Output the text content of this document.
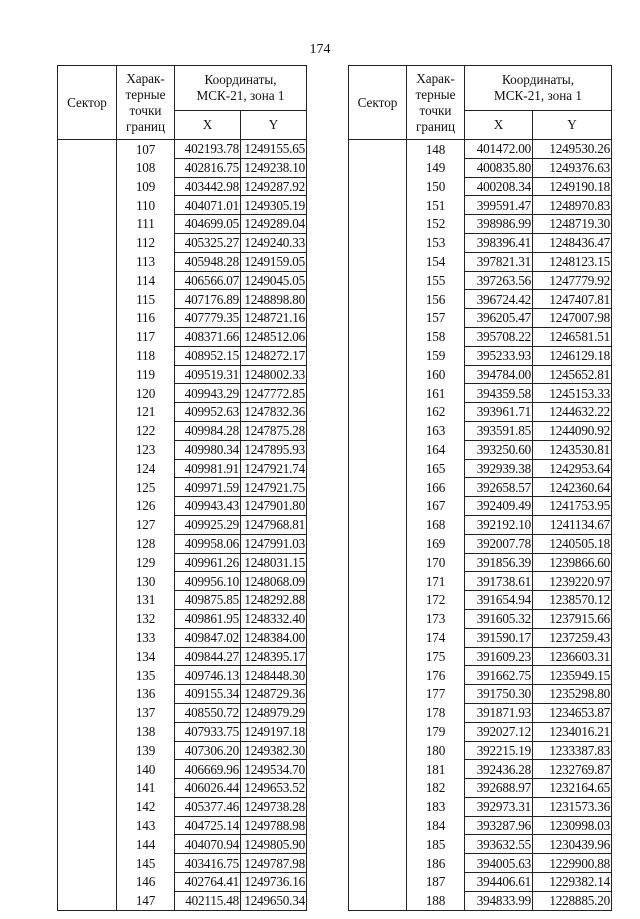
174
Сектор	Харак-
терные
точки
границ	Координаты,
МСК-21, зона 1	
		X	Y
	107	402193.78	1249155.65
	108	402816.75	1249238.10
	109	403442.98	1249287.92
	110	404071.01	1249305.19
	111	404699.05	1249289.04
	112	405325.27	1249240.33
	113	405948.28	1249159.05
	114	406566.07	1249045.05
	115	407176.89	1248898.80
	116	407779.35	1248721.16
	117	408371.66	1248512.06
	118	408952.15	1248272.17
	119	409519.31	1248002.33
	120	409943.29	1247772.85
	121	409952.63	1247832.36
	122	409984.28	1247875.28
	123	409980.34	1247895.93
	124	409981.91	1247921.74
	125	409971.59	1247921.75
	126	409943.43	1247901.80
	127	409925.29	1247968.81
	128	409958.06	1247991.03
	129	409961.26	1248031.15
	130	409956.10	1248068.09
	131	409875.85	1248292.88
	132	409861.95	1248332.40
	133	409847.02	1248384.00
	134	409844.27	1248395.17
	135	409746.13	1248448.30
	136	409155.34	1248729.36
	137	408550.72	1248979.29
	138	407933.75	1249197.18
	139	407306.20	1249382.30
	140	406669.96	1249534.70
	141	406026.44	1249653.52
	142	405377.46	1249738.28
	143	404725.14	1249788.98
	144	404070.94	1249805.90
	145	403416.75	1249787.98
	146	402764.41	1249736.16
	147	402115.48	1249650.34
Сектор	Харак-
терные
точки
границ	Координаты,
МСК-21, зона 1	
		X	Y
	148	401472.00	1249530.26
	149	400835.80	1249376.63
	150	400208.34	1249190.18
	151	399591.47	1248970.83
	152	398986.99	1248719.30
	153	398396.41	1248436.47
	154	397821.31	1248123.15
	155	397263.56	1247779.92
	156	396724.42	1247407.81
	157	396205.47	1247007.98
	158	395708.22	1246581.51
	159	395233.93	1246129.18
	160	394784.00	1245652.81
	161	394359.58	1245153.33
	162	393961.71	1244632.22
	163	393591.85	1244090.92
	164	393250.60	1243530.81
	165	392939.38	1242953.64
	166	392658.57	1242360.64
	167	392409.49	1241753.95
	168	392192.10	1241134.67
	169	392007.78	1240505.18
	170	391856.39	1239866.60
	171	391738.61	1239220.97
	172	391654.94	1238570.12
	173	391605.32	1237915.66
	174	391590.17	1237259.43
	175	391609.23	1236603.31
	176	391662.75	1235949.15
	177	391750.30	1235298.80
	178	391871.93	1234653.87
	179	392027.12	1234016.21
	180	392215.19	1233387.83
	181	392436.28	1232769.87
	182	392688.97	1232164.65
	183	392973.31	1231573.36
	184	393287.96	1230998.03
	185	393632.55	1230439.96
	186	394005.63	1229900.88
	187	394406.61	1229382.14
	188	394833.99	1228885.20
